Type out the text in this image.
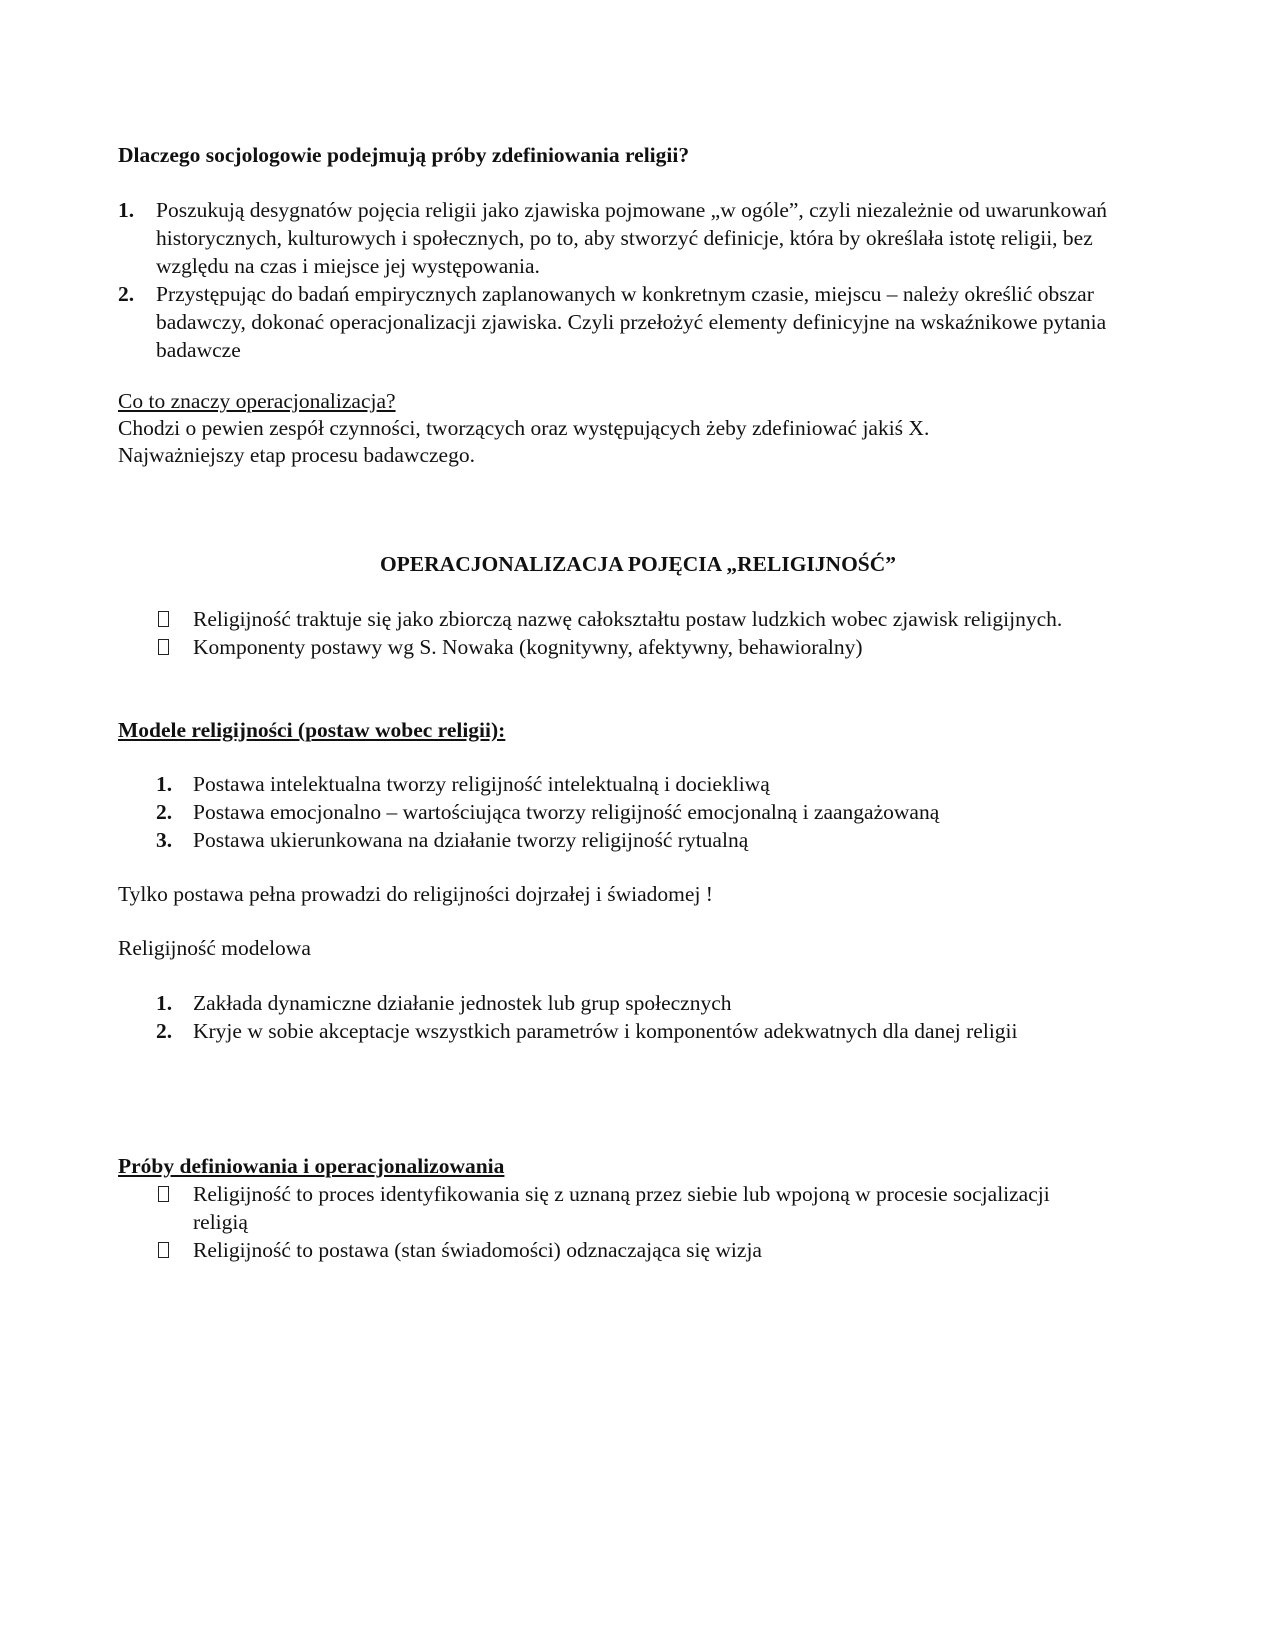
Dlaczego socjologowie podejmują próby zdefiniowania religii?

1. Poszukują desygnatów pojęcia religii jako zjawiska pojmowane „w ogóle”, czyli niezależnie od uwarunkowań historycznych, kulturowych i społecznych, po to, aby stworzyć definicje, która by określała istotę religii, bez względu na czas i miejsce jej występowania.
2. Przystępując do badań empirycznych zaplanowanych w konkretnym czasie, miejscu – należy określić obszar badawczy, dokonać operacjonalizacji zjawiska. Czyli przełożyć elementy definicyjne na wskaźnikowe pytania badawcze

Co to znaczy operacjonalizacja?

Chodzi o pewien zespół czynności, tworzących oraz występujących żeby zdefiniować jakiś X.

Najważniejszy etap procesu badawczego.

OPERACJONALIZACJA POJĘCIA „RELIGIJNOŚĆ”

Religijność traktuje się jako zbiorczą nazwę całokształtu postaw ludzkich wobec zjawisk religijnych.
Komponenty postawy wg S. Nowaka (kognitywny, afektywny, behawioralny)

Modele religijności (postaw wobec religii):

1. Postawa intelektualna tworzy religijność intelektualną i dociekliwą
2. Postawa emocjonalno – wartościująca tworzy religijność emocjonalną i zaangażowaną
3. Postawa ukierunkowana na działanie tworzy religijność rytualną

Tylko postawa pełna prowadzi do religijności dojrzałej i świadomej !

Religijność modelowa

1. Zakłada dynamiczne działanie jednostek lub grup społecznych
2. Kryje w sobie akceptacje wszystkich parametrów i komponentów adekwatnych dla danej religii

Próby definiowania i operacjonalizowania

Religijność to proces identyfikowania się z uznaną przez siebie lub wpojoną w procesie socjalizacji religią
Religijność to postawa (stan świadomości) odznaczająca się wizja
